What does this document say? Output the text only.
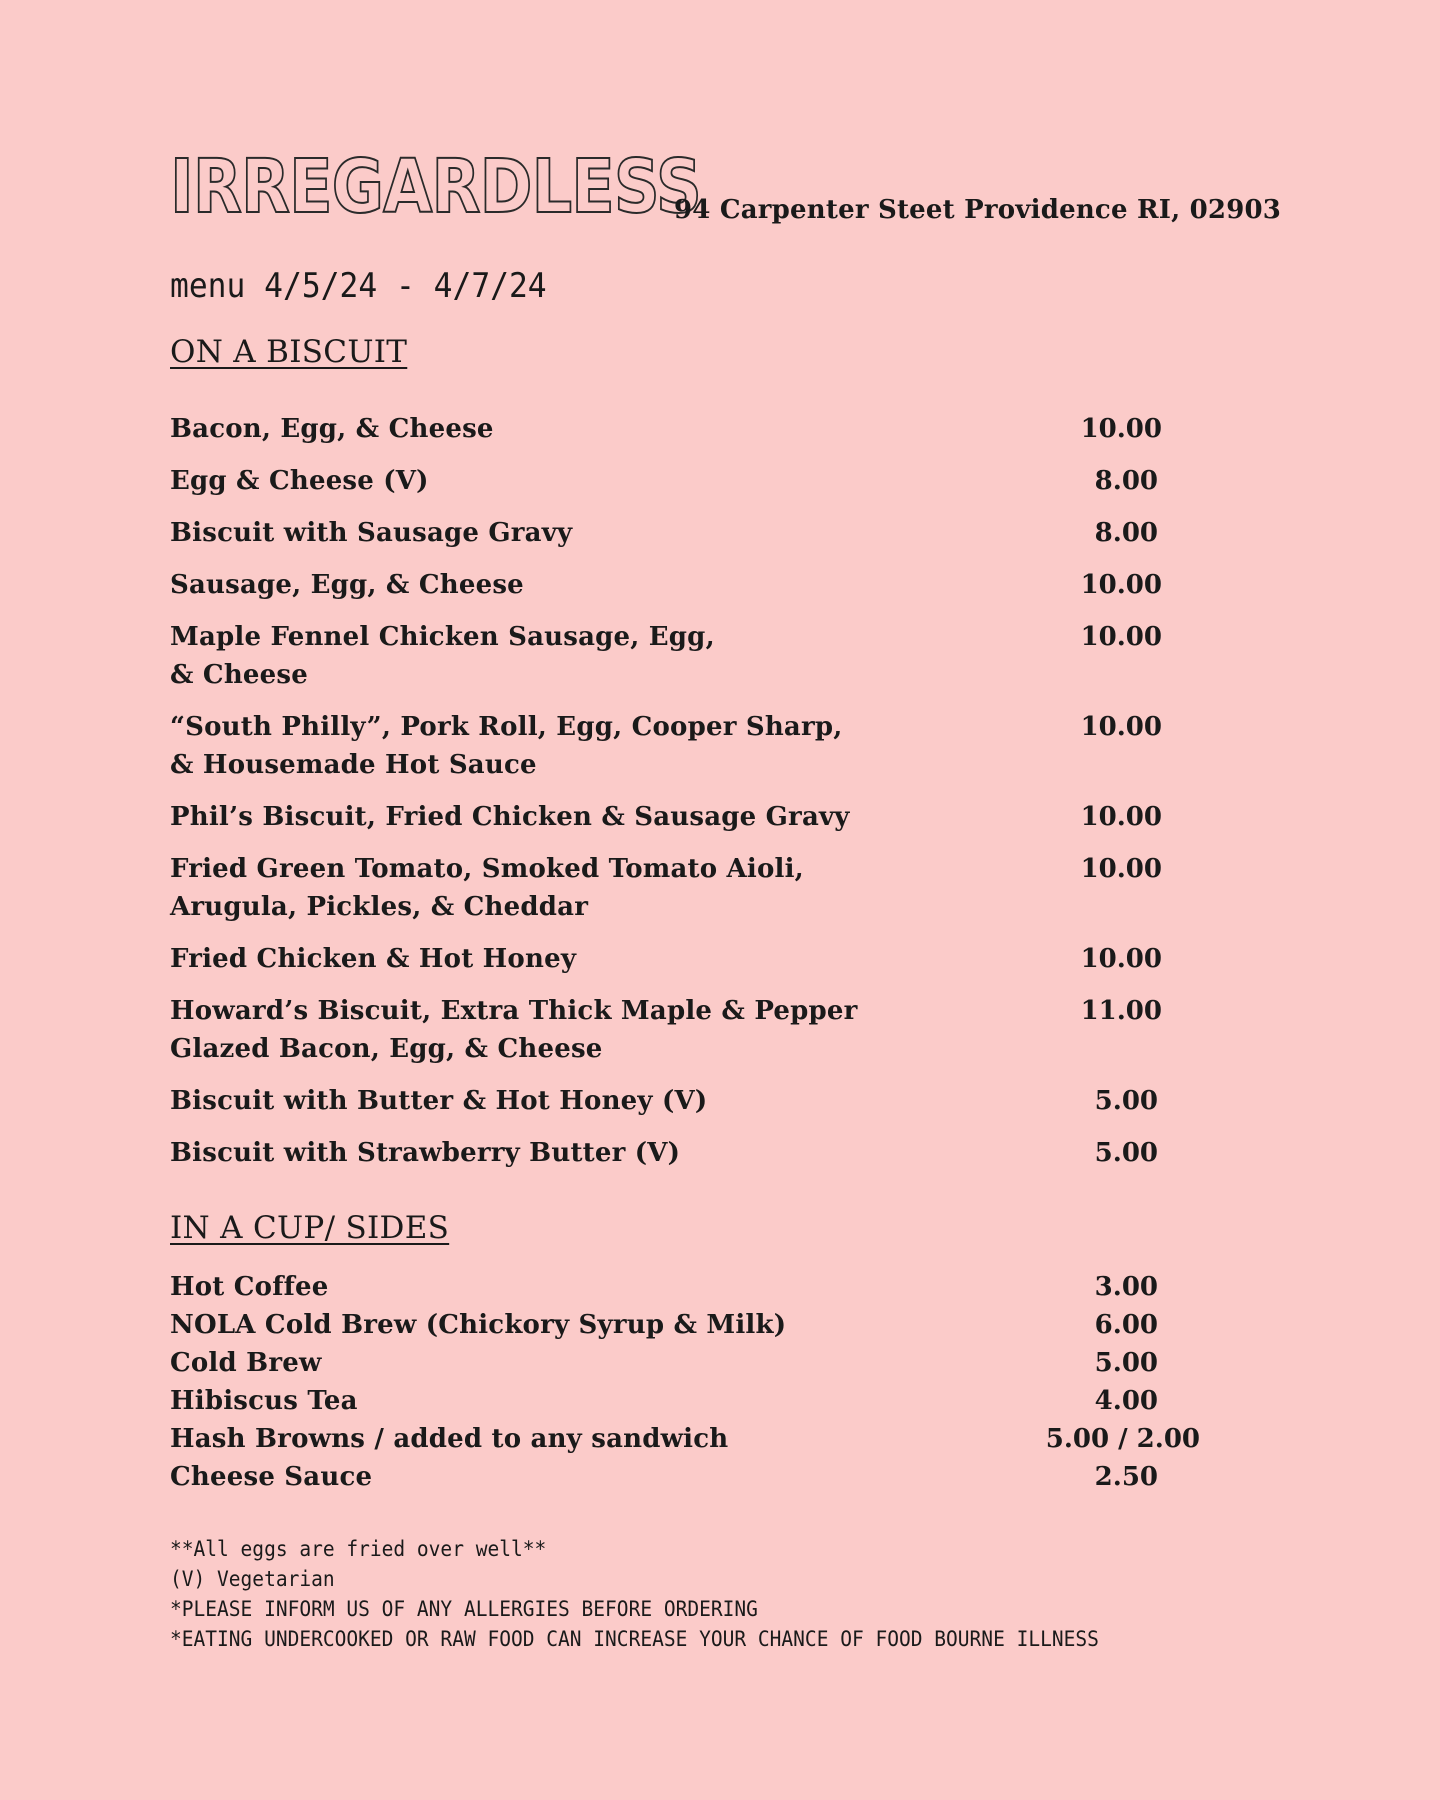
IRREGARDLESS
94 Carpenter Steet Providence RI, 02903
menu 4/5/24 - 4/7/24
ON A BISCUIT
Bacon, Egg, & Cheese	10.00
Egg & Cheese (V)	8.00
Biscuit with Sausage Gravy	8.00
Sausage, Egg, & Cheese	10.00
Maple Fennel Chicken Sausage, Egg,
& Cheese
10.00
“South Philly”, Pork Roll, Egg, Cooper Sharp,
& Housemade Hot Sauce
10.00
Phil’s Biscuit, Fried Chicken & Sausage Gravy	10.00
Fried Green Tomato, Smoked Tomato Aioli,
Arugula, Pickles, & Cheddar
10.00
Fried Chicken & Hot Honey	10.00
Howard’s Biscuit, Extra Thick Maple & Pepper
Glazed Bacon, Egg, & Cheese
11.00
Biscuit with Butter & Hot Honey (V)	5.00
Biscuit with Strawberry Butter (V)	5.00
IN A CUP/ SIDES
Hot Coffee	3.00
NOLA Cold Brew (Chickory Syrup & Milk)	6.00
Cold Brew	5.00
Hibiscus Tea	4.00
Hash Browns / added to any sandwich	5.00 / 2.00
Cheese Sauce	2.50
**All eggs are fried over well**
(V) Vegetarian
*PLEASE INFORM US OF ANY ALLERGIES BEFORE ORDERING
*EATING UNDERCOOKED OR RAW FOOD CAN INCREASE YOUR CHANCE OF FOOD BOURNE ILLNESS
